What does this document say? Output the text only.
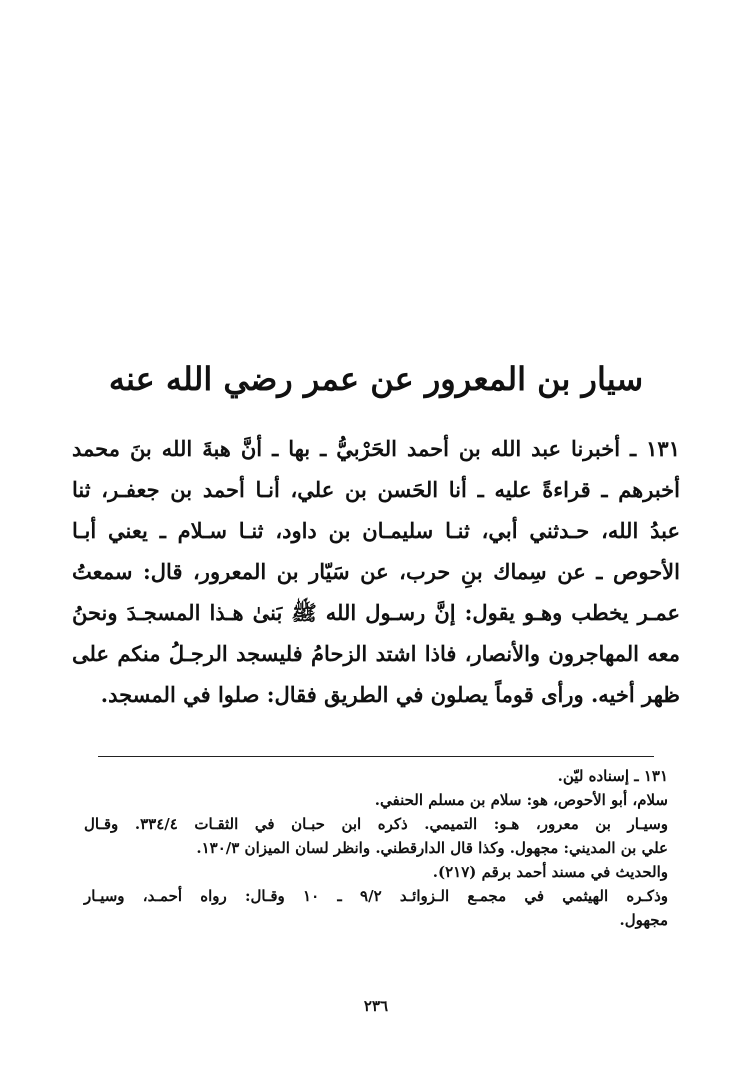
سيار بن المعرور عن عمر رضي الله عنه
١٣١ ـ أخبرنا عبد الله بن أحمد الحَرْبيُّ ـ بها ـ أنَّ هبةَ الله بنَ محمد
أخبرهم ـ قراءةً عليه ـ أنا الحَسن بن علي، أنـا أحمد بن جعفـر، ثنا
عبدُ الله، حـدثني أبي، ثنـا سليمـان بن داود، ثنـا سـلام ـ يعني أبـا
الأحوص ـ عن سِماك بنِ حرب، عن سَيّار بن المعرور، قال: سمعتُ
عمـر يخطب وهـو يقول: إنَّ رسـول الله ﷺ بَنىٰ هـذا المسجـدَ ونحنُ
معه المهاجرون والأنصار، فاذا اشتد الزحامُ فليسجد الرجـلُ منكم على
ظهر أخيه. ورأى قوماً يصلون في الطريق فقال: صلوا في المسجد.
١٣١ ـ إسناده ليّن.
سلام، أبو الأحوص، هو: سلام بن مسلم الحنفي.
وسيـار بن معرور، هـو: التميمي. ذكره ابن حبـان في الثقـات ٣٣٤/٤. وقـال
علي بن المديني: مجهول. وكذا قال الدارقطني. وانظر لسان الميزان ١٣٠/٣.
والحديث في مسند أحمد برقم (٢١٧).
وذكـره الهيثمي في مجمـع الـزوائـد ٩/٢ ـ ١٠ وقـال: رواه أحمـد، وسيـار
مجهول.
٢٣٦
